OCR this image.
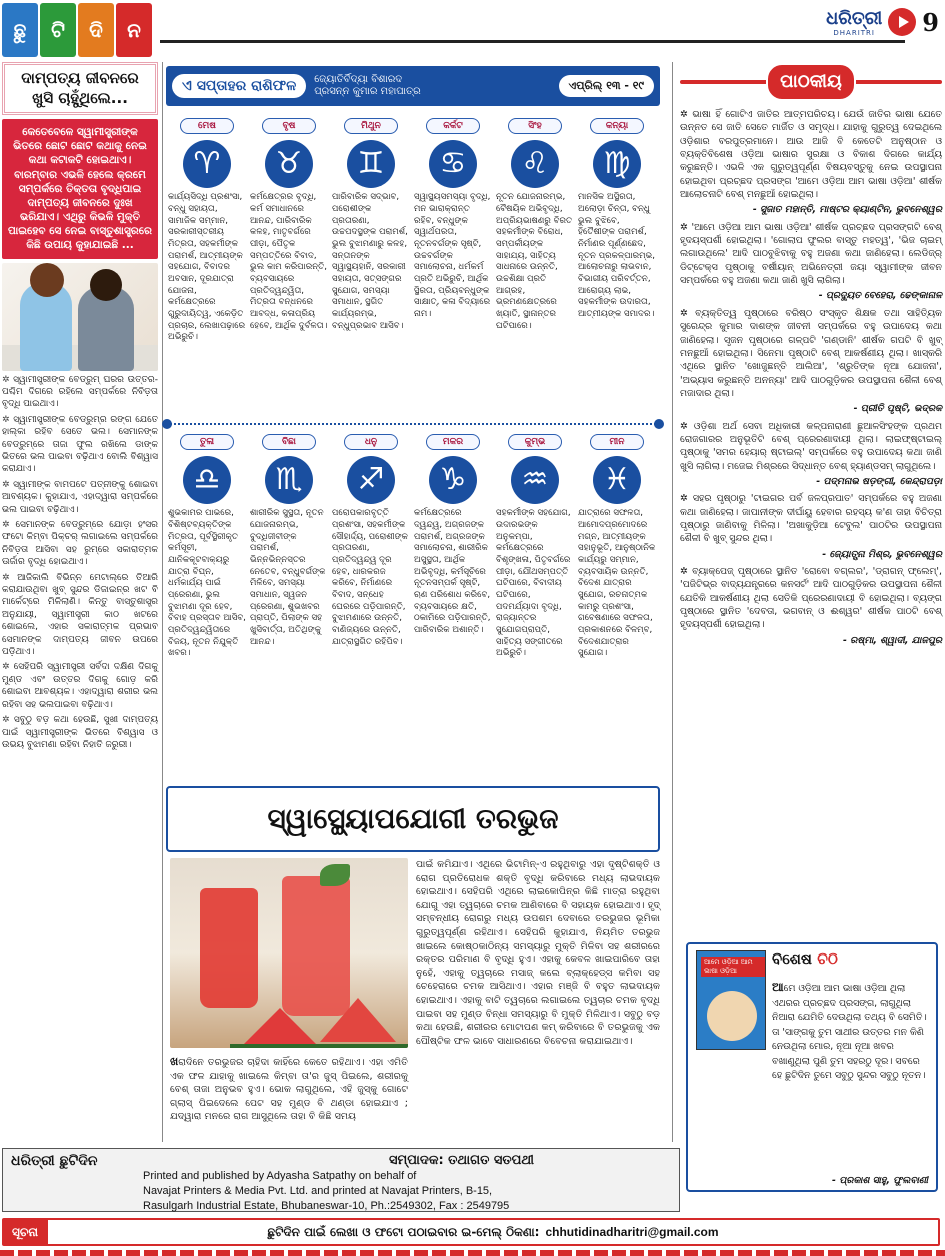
ଛୁ	ଟି	ଦି	ନ	ଧରିତ୍ରୀ
DHARITRI	9
ଦାମ୍ପତ୍ୟ ଜୀବନରେ ଖୁସି ଚାହୁଁଥିଲେ...
କେତେବେଳେ ସ୍ୱାମୀସ୍ତ୍ରୀଙ୍କ ଭିତରେ ଛୋଟ ଛୋଟ କଥାକୁ ନେଇ କଥା କଟାକଟି ହୋଇଥାଏ। ବାରମ୍ବାର ଏଭଳି ହେଲେ କ୍ରମେ ସମ୍ପର୍କରେ ତିକ୍ତତା ବୃଦ୍ଧିପାଇ ଦାମ୍ପତ୍ୟ ଜୀବନରେ ଦୁଃଖ ଭରିଯାଏ। ଏଥିରୁ କିଭଳି ମୁକ୍ତି ପାଇହେବ ସେ ନେଇ ବାସ୍ତୁଶାସ୍ତ୍ରରେ କିଛି ଉପାୟ କୁହାଯାଇଛି ...

✲ ସ୍ୱାମୀସ୍ତ୍ରୀଙ୍କ ବେଡ୍‌ରୁମ୍ ଘରର ଉତ୍ତର-ପଶ୍ଚିମ ଦିଗରେ ରହିଲେ ସମ୍ପର୍କରେ ନିବିଡ଼ତା ବୃଦ୍ଧି ପାଇଥାଏ।

✲ ସ୍ୱାମୀସ୍ତ୍ରୀଙ୍କ ବେଡ୍‌ରୁମ୍‌ର ରଙ୍ଗ ଯେତେ ହାଲ୍‌କା ରହିବ ସେତେ ଭଲ। ସେମାନଙ୍କ ବେଡ୍‌ରୁମ୍‌ରେ ତାଜା ଫୁଲ ରଖିଲେ ଡାଙ୍କ ଭିତରେ ଭଲ ପାଇବା ବଢ଼ିଥାଏ ବୋଲି ବିଶ୍ୱାସ କରାଯାଏ।

✲ ସ୍ୱାମୀଙ୍କ ବାମପଟେ ପତ୍ନୀଙ୍କୁ ଶୋଇବା ଆବଶ୍ୟକ। କୁହାଯାଏ, ଏହାଦ୍ୱାରା ସମ୍ପର୍କରେ ଭଲ ପାଇବା ବଢ଼ିଥାଏ।

✲ ସେମାନଙ୍କ ବେଡ୍‌ରୁମ୍‌ରେ ଯୋଡ଼ା ହଂସର ଫଟୋ କିମ୍ବା ପିକ୍‌ଚର୍ ଲଗାଇଲେ ସମ୍ପର୍କରେ ନିବିଡ଼ତା ଆସିବା ସହ ରୁମ୍‌ରେ ସକାରାତ୍ମକ ଊର୍ଜାର ବୃଦ୍ଧି ହୋଇଥାଏ।

✲ ଆଜିକାଲି ବିଭିନ୍ନ ମେଟାଲ୍‌ରେ ତିଆରି କରାଯାଉଥିବା ଖୁବ୍ ସୁନ୍ଦର ଡିଜାଇନ୍‌ର ଖଟ ବି ମାର୍କେଟ୍‌ରେ ମିଳିଲାଣି। କିନ୍ତୁ ବାସ୍ତୁଶାସ୍ତ୍ର ଅନୁଯାୟୀ, ସ୍ୱାମୀସ୍ତ୍ରୀ କାଠ ଖଟରେ ଶୋଇଲେ, ଏହାର ସକାରାତ୍ମକ ପ୍ରଭାବ ସେମାନଙ୍କ ଦାମ୍ପତ୍ୟ ଜୀବନ ଉପରେ ପଡ଼ିଥାଏ।

✲ ସେହିପରି ସ୍ୱାମୀସ୍ତ୍ରୀ ସର୍ବଦା ଦକ୍ଷିଣ ଦିଗକୁ ମୁଣ୍ଡ ଏବଂ ଉତ୍ତର ଦିଗକୁ ଗୋଡ଼ କରି ଶୋଇବା ଆବଶ୍ୟକ। ଏହାଦ୍ୱାରା ଶରୀର ଭଲ ରହିବା ସହ ଭଲପାଇବା ବଢ଼ିଥାଏ।

✲ ସବୁଠୁ ବଡ଼ କଥା ହେଉଛି, ସୁଖୀ ଦାମ୍ପତ୍ୟ ପାଇଁ ସ୍ୱାମୀସ୍ତ୍ରୀଙ୍କ ଭିତରେ ବିଶ୍ୱାସ ଓ ଉଭୟ ବୁଝାମଣା ରହିବା ନିହାତି ଜରୁରୀ।

ଏ ସପ୍ତାହର ରାଶିଫଳ	ଜ୍ୟୋତିର୍ବିଦ୍ୟା ବିଶାରଦ
ପ୍ରସନ୍ନ କୁମାର ମହାପାତ୍ର	ଏପ୍ରିଲ୍ ୧୩ - ୧୯
ମେଷ
♈
କାର୍ଯ୍ୟସିଦ୍ଧି ପ୍ରଶଂସା, ବନ୍ଧୁ ସହାୟତା, ସାମାଜିକ ସମ୍ମାନ, ସରକାରୀସ୍ତରୀୟ ମିତ୍ରତା, ସହକର୍ମୀଙ୍କ ପରାମର୍ଶ, ଆତ୍ମୀୟଙ୍କ ସହଯୋଗ, ବିବାଦର ଅବସାନ, ଦୂରଯାତ୍ରା ଯୋଜନା, କର୍ମକ୍ଷେତ୍ରରେ ଗୁରୁଦାୟିତ୍ୱ, ଏକେଡ଼ିତ ପ୍ରଚାର, ଲେଖାପଢ଼ାରେ ଅଭିରୁଚି।
ବୃଷ
♉
କର୍ମକ୍ଷେତ୍ରର ବୃଦ୍ଧି, କର୍ମ ସମାଧାନରେ ଆନନ୍ଦ, ପାରିବାରିକ କଳହ, ମାତୃବର୍ଗରେ ପୀଡ଼ା, ପୈତୃକ ସମ୍ପତ୍ତିରେ ବିବାଦ, ଭୁଲ କାମ କରିପାରନ୍ତି, ବ୍ୟବସାୟରେ ପ୍ରତିଦ୍ୱନ୍ଦ୍ୱିତା, ମିତ୍ରତା ବନ୍ଧନରେ ଆବଦ୍ଧ, କଳାପ୍ରିୟ ହେବେ, ଆର୍ଥିକ ଦୁର୍ବଳତା।
ମିଥୁନ
♊
ପାରିବାରିକ ସଦ୍‌ଭାବ, ପରୋଶୀଙ୍କ ପ୍ରତାରଣା, ଉଚ୍ଚପଦସ୍ଥଙ୍କ ପରାମର୍ଶ, ଭୁଲ ବୁଝାମଣାରୁ କଳହ, ସନ୍ତାନଙ୍କ ସ୍ୱାସ୍ଥ୍ୟହାନି, ସରକାରୀ ସହାୟତା, ସତ୍‌ସଙ୍ଗର ସୁଯୋଗ, ସମସ୍ୟା ସମାଧାନ, ସ୍ଥଗିତ କାର୍ଯ୍ୟରମ୍ଭ, ବନ୍ଧୁପ୍ରଭାବ ଆସିବ।
କର୍କଟ
♋
ସ୍ୱାସ୍ଥ୍ୟସମସ୍ୟା ବୃଦ୍ଧି, ମନ ଭାରାକ୍ରାନ୍ତ ରହିବ, ବନ୍ଧୁଙ୍କ ସ୍ୱାର୍ଥପରତା, ନୂତନବର୍ଗଙ୍କ ସୃଷ୍ଟି, ଉଚ୍ଚବର୍ଗଙ୍କ ସମାଲୋଚନା, ଧର୍ମକର୍ମ ପ୍ରତି ଅଭିରୁଚି, ଆର୍ଥିକ ସ୍ଥିରତା, ପ୍ରିୟବନ୍ଧୁଙ୍କ ସାକ୍ଷାତ୍, କଳା ବିଦ୍ୟାରେ ନାମ।
ସିଂହ
♌
ନୂତନ ଯୋଜନାରମ୍ଭ, ବୈଷୟିକ ଅଭିବୃଦ୍ଧି, ଅପ୍ରିୟଭାଷଣରୁ ବିରତ ସହକର୍ମୀଙ୍କ ବିରୋଧ, ସମ୍ପର୍କୀୟଙ୍କ ସାହାଯ୍ୟ, ସାହିତ୍ୟ ସାଧନାରେ ଉନ୍ନତି, ଉଚ୍ଚଶିକ୍ଷା ପ୍ରତି ଆଗ୍ରହ, ଭ୍ରମଣକ୍ଷେତ୍ରରେ ଖ୍ୟାତି, ସ୍ଥାନାନ୍ତର ଘଟିପାରେ।
କନ୍ୟା
♍
ମାନସିକ ଅସ୍ଥିରତା, ଅଲୋଡ଼ା ଚିନ୍ତା, ବନ୍ଧୁ ଭୁଲ ବୁଝିବେ, ହିତୈଷୀଙ୍କ ପରାମର୍ଶ, ନିର୍ମାଣର ପୂର୍ଣ୍ଣଛେଦ, ନୂତନ ପ୍ରକଳ୍ପାରମ୍ଭ, ଆଲୋଚନାରୁ ଲାଭବାନ, ବିଭାଗୀୟ ପରିବର୍ତ୍ତନ, ଆରୋଗ୍ୟ ଲାଭ, ସହକର୍ମୀଙ୍କ ଉଦାରତା, ଆତ୍ମୀୟଙ୍କ ସମାଦର।
ତୁଳା
♎
ଶୁଭକାମର ପାଭରେ, ବିଶିଷ୍ଟବ୍ୟକ୍ତିଙ୍କ ମିତ୍ରତା, ପୂର୍ବସ୍ଥିରୀକୃତ କର୍ମସୂଚୀ, ଯାନିକକୂଟବାକ୍ୟରୁ ଯାତ୍ରା ବିଘ୍ନ, ଧର୍ମକାର୍ଯ୍ୟ ପାଇଁ ପ୍ରେରଣା, ଭୁଲ ବୁଝାମଣା ଦୂର ହେବ, ବିବାହ ପ୍ରସ୍ତାବ ଆସିବ, ପ୍ରତିଦ୍ୱନ୍ଦ୍ୱିତାରେ ବିଜୟ, ନୂତନ ନିଯୁକ୍ତି ଖବର।
ବିଛା
♏
ଶାରୀରିକ ସୁସ୍ଥତା, ନୂତନ ଯୋଜନାରମ୍ଭ, ବୁଦ୍ଧିଜୀବୀଙ୍କ ପରାମର୍ଶ, ଭିନ୍ନଭିନ୍ନସ୍ତର ନେତେବ, ବନ୍ଧୁବର୍ଗଙ୍କ ମିଳିବେ, ସମସ୍ୟା ସମାଧାନ, ସ୍ୱଜନ ପ୍ରେରଣା, ଶୁଭଖବର ପ୍ରାପ୍ତି, ପିଲାଙ୍କ ସହ ଖୁସିବାର୍ତ୍ତା, ଅତିଥିଙ୍କୁ ଆନନ୍ଦ।
ଧନୁ
♐
ପରୋପକାରବୃତ୍ତି ପ୍ରଶଂସା, ସହକର୍ମୀଙ୍କ ସୌହାର୍ଦ୍ଦ୍ୟ, ପରୋଶୀଙ୍କ ପ୍ରତାରଣା, ପ୍ରତିଦ୍ୱନ୍ଦ୍ୱ ଦୂର ହେବ, ଧାରକରଜ କରିବେ, ନିର୍ମାଣରେ ବିବାଦ, ସନ୍ଧେହ ଘେରରେ ପଡ଼ିପାରନ୍ତି, ବୁଝାମଣାରେ ଉନ୍ନତି, ବାଣିଜ୍ୟରେ ଉନ୍ନତି, ଯାତ୍ରାସ୍ଥଗିତ ରହିପିବ।
ମକର
♑
କର୍ମକ୍ଷେତ୍ରରେ ଦ୍ୱନ୍ଦ୍ୱ, ଅଗ୍ରଜଙ୍କ ପରାମର୍ଶ, ଅଗ୍ରଜଙ୍କ ସମାଲୋଚନା, ଶାରୀରିକ ଅସୁସ୍ଥତା, ଆର୍ଥିକ ଅଭିବୃଦ୍ଧି, କର୍ମସୂଚିରେ ନୂତନସମ୍ପର୍କ ସୃଷ୍ଟି, ଋଣ ପରିଶୋଧ କରିବେ, ବ୍ୟବସାୟରେ କ୍ଷତି, ଠକାମିରେ ପଡ଼ିପାରନ୍ତି, ପାରିବାରିକ ଅଶାନ୍ତି।
କୁମ୍ଭ
♒
ସହକର୍ମୀଙ୍କ ସହଯୋଗ, ଉଦାରଭଙ୍କ ଅନୁକମ୍ପା, କର୍ମକ୍ଷେତ୍ରରେ ବିଶୃଙ୍ଖଳା, ପିତୃବର୍ଗରେ ପୀଡ଼ା, ଯୌଥସମ୍ପତ୍ତି ଘଟିପାରେ, ବିବାଦୀୟ ଘଟିପାରେ, ପଦମର୍ଯ୍ୟାଦା ବୃଦ୍ଧି, ରାଜ୍ୟାନ୍ତର ସୁଯୋଗପ୍ରାପ୍ତି, ସାହିତ୍ୟ ସଙ୍ଗୀତରେ ଅଭିରୁଚି।
ମୀନ
♓
ଯାତ୍ରାରେ ସଫଳତା, ଆମୋଦପ୍ରମୋଦରେ ମଗ୍ନ, ଆତ୍ମୀୟଙ୍କ ସହାନୁଭୂତି, ଆନୁଷ୍ଠାନିକ କାର୍ଯ୍ୟରୁ ସମ୍ମାନ, ବ୍ୟବସାୟିକ ଉନ୍ନତି, ବିଦେଶ ଯାତ୍ରାର ସୁଯୋଗ, ରଚନାତ୍ମକ କାମରୁ ପ୍ରଶଂସା, ଗବେଷଣାରେ ସଫଳତା, ପ୍ରକାଶନରେ ବିଳମ୍ବ, ବିଦେଶଯାତ୍ରାର ସୁଯୋଗ।
ସ୍ୱାସ୍ଥ୍ୟୋପଯୋଗୀ ତରଭୁଜ
ଖରାଦିନେ ତରଭୁଜର ଚାହିଦା କାହିଁରେ କେତେ ରହିଥାଏ। ଏହା ଏମିତି ଏକ ଫଳ ଯାହାକୁ ଖାଇଲେ କିମ୍ବା ତା'ର ଜୁସ୍ ପିଇଲେ, ଶରୀରକୁ ବେଶ୍ ତାଜା ଅନୁଭବ ହୁଏ। ଭୋକ ଲାଗୁଥିଲେ, ଏହି ଜୁସ୍‌କୁ ଗୋଟେ ଗ୍ଲାସ୍ ପିଇଦେଲେ ପେଟ ସହ ମୁଣ୍ଡ ବି ଥଣ୍ଡା ହୋଇଯାଏ ; ଯଦ୍ୱାରା ମନରେ ରାଗ ଆସୁଥିଲେ ତାହା ବି କିଛି ସମୟ
ପାଇଁ କମିଯାଏ। ଏଥିରେ ଭିଟାମିନ୍-ଏ ରହୁଥିବାରୁ ଏହା ଦୃଷ୍ଟିଶକ୍ତି ଓ ରୋଗ ପ୍ରତିରୋଧକ ଶକ୍ତି ବୃଦ୍ଧି କରିବାରେ ମଧ୍ୟ ଲାଭଦାୟକ ହୋଇଥାଏ। ସେହିପରି ଏଥିରେ ଲାଇକୋପିନ୍‌ର କିଛି ମାତ୍ରା ରହୁଥିବା ଯୋଗୁ ଏହା ତ୍ୱଚାରେ ଚମକ ଆଣିବାରେ ବି ସହାୟକ ହୋଇଥାଏ। ହୃଦ୍ ସମ୍ବନ୍ଧୀୟ ରୋଗରୁ ମଧ୍ୟ ଉପଶମ ଦେବାରେ ତରଭୁଜର ଭୂମିକା ଗୁରୁତ୍ୱପୂର୍ଣ୍ଣ ରହିଥାଏ। ସେହିପରି କୁହାଯାଏ, ନିୟମିତ ତରଭୁଜ ଖାଇଲେ କୋଷ୍ଠକାଠିନ୍ୟ ସମସ୍ୟାରୁ ମୁକ୍ତି ମିଳିବା ସହ ଶରୀରରେ ରକ୍ତର ପରିମାଣ ବି ବୃଦ୍ଧି ହୁଏ। ଏହାକୁ କେବଳ ଖାଇପାରିବେ ତାହା ନୁହେଁ, ଏହାକୁ ତ୍ୱଚାରେ ମସାଜ୍ କଲେ ବ୍ଲାକ୍‌ହେଡ୍ସ କମିବା ସହ ଚେହେରାରେ ଚମକ ଆସିଥାଏ। ଏହାର ମଞ୍ଜି ବି ବହୁତ ଲାଭଦାୟକ ହୋଇଥାଏ। ଏହାକୁ ବାଟି ତ୍ୱଚାରେ ଲଗାଇଲେ ତ୍ୱଚାର ଚମକ ବୃଦ୍ଧି ପାଇବା ସହ ମୁଣ୍ଡ ବିନ୍ଧା ସମସ୍ୟାରୁ ବି ମୁକ୍ତି ମିଳିଥାଏ। ସବୁଠୁ ବଡ଼ କଥା ହେଉଛି, ଶରୀରର ମୋଟାପଣ କମ୍ କରିବାରେ ବି ତରଭୁଜକୁ ଏକ ପୌଷ୍ଟିକ ଫଳ ଭାବେ ସାଧାରଣରେ ବିବେଚନା କରାଯାଇଥାଏ।
ପାଠକୀୟ

✲ ଭାଷା ହିଁ ଗୋଟିଏ ଜାତିର ଆତ୍ମପରିଚୟ। ଯେଉଁ ଜାତିର ଭାଷା ଯେତେ ଉନ୍ନତ ସେ ଜାତି ସେତେ ମାର୍ଜିତ ଓ ସମୃଦ୍ଧ। ଯାହାକୁ ଗୁରୁତ୍ୱ ଦେଇଥିଲେ ଓଡ଼ିଶାର ବରପୁତ୍ରମାନେ। ଆଉ ଆଜି ବି କେତେଟି ଅନୁଷ୍ଠାନ ଓ ବ୍ୟକ୍ତିବିଶେଷ ଓଡ଼ିଆ ଭାଷାର ସୁରକ୍ଷା ଓ ବିକାଶ ଦିଗରେ କାର୍ଯ୍ୟ କରୁଛନ୍ତି। ଏଭଳି ଏକ ଗୁରୁତ୍ୱପୂର୍ଣ୍ଣ ବିଷୟବସ୍ତୁକୁ ନେଇ ଉପସ୍ଥାପନା ହୋଇଥିବା ପ୍ରଚ୍ଛଦ ପ୍ରସଙ୍ଗ 'ଆମେ ଓଡ଼ିଆ ଆମ ଭାଷା ଓଡ଼ିଆ' ଶୀର୍ଷକ ଆଲୋଚନାଟି ବେଶ୍ ମନଛୁଆଁ ହୋଇଥିଲା।

- ସୁଜାତ ମହାନ୍ତି, ମାଷ୍ଟର କ୍ୟାଣ୍ଟିନ, ଭୁବନେଶ୍ୱର

✲ 'ଆମେ ଓଡ଼ିଆ ଆମ ଭାଷା ଓଡ଼ିଆ' ଶୀର୍ଷକ ପ୍ରଚ୍ଛଦ ପ୍ରସଙ୍ଗଟି ବେଶ୍ ହୃଦୟସ୍ପର୍ଶୀ ହୋଇଥିଲା। 'ଗୋଲାପ ଫୁଲର ବାସ୍ତୁ ମହତ୍ୱ', 'ଭିଜ ଚାଇମ୍ ଲଗାଉଥିଲେ' ଆଦି ପାଠବୁଝିବାକୁ ବହୁ ଅଜଣା କଥା ଜାଣିହେଲା। ଲେଡିଜ୍‌ର୍ ଡିଟ୍ଟେକ୍ସ ପୃଷ୍ଠାକୁ ବର୍ଷୀୟାନ୍ ଅଭିନେତ୍ରୀ ଜୟା ସ୍ୱାମୀଙ୍କ ଜୀବନ ସମ୍ପର୍କରେ ବହୁ ଅଜଣା କଥା ଜାଣି ଖୁସି ଲାଗିଲା।

- ପ୍ରଦ୍ୟୁତ ବେହେରା, ଢେଙ୍କାନାଳ

✲ ବ୍ୟକ୍ତିତ୍ୱ ପୃଷ୍ଠାରେ ବରିଷ୍ଠ ସଂସ୍କୃତ ଶିକ୍ଷକ ତଥା ସାହିତ୍ୟିକ ସୁରେନ୍ଦ୍ର କୁମାର ଦାଶଙ୍କ ଜୀବନୀ ସମ୍ପର୍କରେ ବହୁ ଉପାଦେୟ କଥା ଜାଣିହେଲା। ସୃଜନ ପୃଷ୍ଠାରେ ଗଳ୍ପଟି 'ଗଣ୍ଡାନି' ଶୀର୍ଷକ ଗପଟି ବି ଖୁବ୍ ମନଛୁଆଁ ହୋଇଥିଲା। ସିନେମା ପୃଷ୍ଠାଟି ବେଶ୍ ଆକର୍ଷଣୀୟ ଥିଲା। ଖାସ୍‌କରି ଏଥିରେ ସ୍ଥାନିତ 'ଖୋଜୁଛନ୍ତି ଆଲିଆ', 'ଶ୍ରୁତିଙ୍କ ନୂଆ ଯୋଜନା', 'ଅଭ୍ୟାସ କରୁଛନ୍ତି ଅନନ୍ୟା' ଆଦି ପାଠଗୁଡ଼ିକର ଉପସ୍ଥାପନା ଶୈଳୀ ବେଶ୍ ମଜାଦାର ଥିଲା।

- ପ୍ରୀତି ପୃଷ୍ଟି, ଭଦ୍ରକ

✲ ଓଡ଼ିଶା ଅର୍ଥ ସେବା ଅଧିକାରୀ କଳ୍ପନାରାଣୀ ଛୁଆଳସିଂହଙ୍କ ପ୍ରଥମ ରୋଜଗାରର ଅନୁଭୂତିଟି ବେଶ୍ ପ୍ରେରଣାଦାୟୀ ଥିଲା। ଲାଇଫ୍‌ଷ୍ଟାଇଲ୍ ପୃଷ୍ଠାକୁ 'ସମର ହେୟାର୍ ଷ୍ଟାଇଲ୍' ସମ୍ପର୍କରେ ବହୁ ଉପାଦେୟ କଥା ଜାଣି ଖୁସି ଲାଗିଲା। ମଜେଇ ମିଶ୍ରରେ ସିଦ୍ଧାନ୍ତ ବେଶ୍ ହ୍ୟାଣ୍ଡସମ୍ ଲାଗୁଥିଲେ।

- ପଦ୍ମନାଭ ଷଡ଼ଙ୍ଗୀ, କେନ୍ଦ୍ରାପଡ଼ା

✲ ସହର ପୃଷ୍ଠାରୁ 'ଟାଇଗର ପର୍ବ ଜଳପ୍ରପାତ' ସମ୍ପର୍କରେ ବହୁ ଅଜଣା କଥା ଜାଣିହେଲା। ଜାପାନୀଙ୍କ ଦୀର୍ଘାୟୁ ହେବାର ରହସ୍ୟ କ'ଣ ତାହା ବିଚିତ୍ରା ପୃଷ୍ଠାରୁ ଜାଣିବାକୁ ମିଳିଲା। 'ଅଖାକୁଡ଼ିଆ ଟେବୁଲ' ପାଠଟିର ଉପସ୍ଥାପନା ଶୈଳୀ ବି ଖୁବ୍ ସୁନ୍ଦର ଥିଲା।

- ଜ୍ୟୋତ୍ସ୍ନା ମିଶ୍ର, ଭୁବନେଶ୍ୱର

✲ ବ୍ୟାକ୍‌ପେଜ୍ ପୃଷ୍ଠାରେ ସ୍ଥାନିତ 'ରୋବୋ ବଗ୍‌ଲର', 'ଡ୍ରାଗନ୍ ଫ୍ଲେମ୍', 'ପଜିଟିଭ୍‌ର ବାଦ୍ୟଯନ୍ତ୍ରରେ କନସର୍ଟ' ଆଦି ପାଠଗୁଡ଼ିକର ଉପସ୍ଥାପନା ଶୈଳୀ ଯେତିକି ଆକର୍ଷଣୀୟ ଥିଲା ସେତିକି ପ୍ରେରଣାଦାୟୀ ବି ହୋଇଥିଲା। ବ୍ୟଙ୍ଗ ପୃଷ୍ଠାରେ ସ୍ଥାନିତ 'ଦେବତା, ଭଗବାନ୍ ଓ ଈଶ୍ୱର' ଶୀର୍ଷକ ପାଠଟି ବେଶ୍ ହୃଦୟସ୍ପର୍ଶୀ ହୋଇଥିଲା।

- ରଷ୍ମା, ଶ୍ୱାଦୀ, ଯାଜପୁର
ଆମେ ଓଡ଼ିଆ ଆମ ଭାଷା ଓଡ଼ିଆ
ବିଶେଷ ଚିଠି
ଆମେ ଓଡ଼ିଆ ଆମ ଭାଷା ଓଡ଼ିଆ ଥିଲା ଏଥରର ପ୍ରଚ୍ଛଦ ପ୍ରସଙ୍ଗ, ଲାଗୁଥିଲା ନିଆରା ଯେମିତି ଦେଉଥିଲା ତଥ୍ୟ ବି ସେମିତି। ତା 'ସାଙ୍ଗକୁ ତୁମ ସାଥୀର ଉତ୍ତର ମନ କିଣି ନେଉଥିଲା ମୋର, ନୂଆ ନୂଆ ଖବର ବଖାଣୁଥିଲା ପୁଣି ତୁମ ସହରଠୁ ଦୂର। ସବରେ ହେ ଛୁଟିଦିନ ତୁମେ ସବୁଠୁ ସୁନ୍ଦର ସବୁଠୁ ନୂତନ।
- ପ୍ରକାଶ ସାହୁ, ଫୁଲବାଣୀ
ଧରିତ୍ରୀ ଛୁଟିଦିନ	ସମ୍ପାଦକ: ତଥାଗତ ସତପଥୀ
Printed and published by Adyasha Satpathy on behalf of
Navajat Printers & Media Pvt. Ltd. and printed at Navajat Printers, B-15,
Rasulgarh Industrial Estate, Bhubaneswar-10, Ph.:2549302, Fax : 2549795
ସୂଚନା	ଛୁଟିଦିନ ପାଇଁ ଲେଖା ଓ ଫଟୋ ପଠାଇବାର ଇ-ମେଲ୍ ଠିକଣା: chhutidinadharitri@gmail.com
